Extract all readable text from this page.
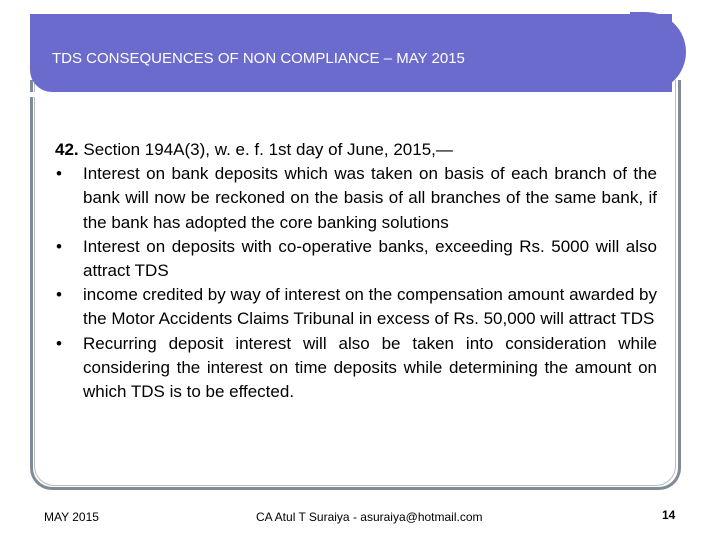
TDS CONSEQUENCES OF NON COMPLIANCE – MAY 2015

42. Section 194A(3), w. e. f. 1st day of June, 2015,—

• Interest on bank deposits which was taken on basis of each branch of the bank will now be reckoned on the basis of all branches of the same bank, if the bank has adopted the core banking solutions
• Interest on deposits with co-operative banks, exceeding Rs. 5000 will also attract TDS
• income credited by way of interest on the compensation amount awarded by the Motor Accidents Claims Tribunal in excess of Rs. 50,000 will attract TDS
• Recurring deposit interest will also be taken into consideration while considering the interest on time deposits while determining the amount on which TDS is to be effected.
MAY 2015	CA Atul T Suraiya - asuraiya@hotmail.com	14
